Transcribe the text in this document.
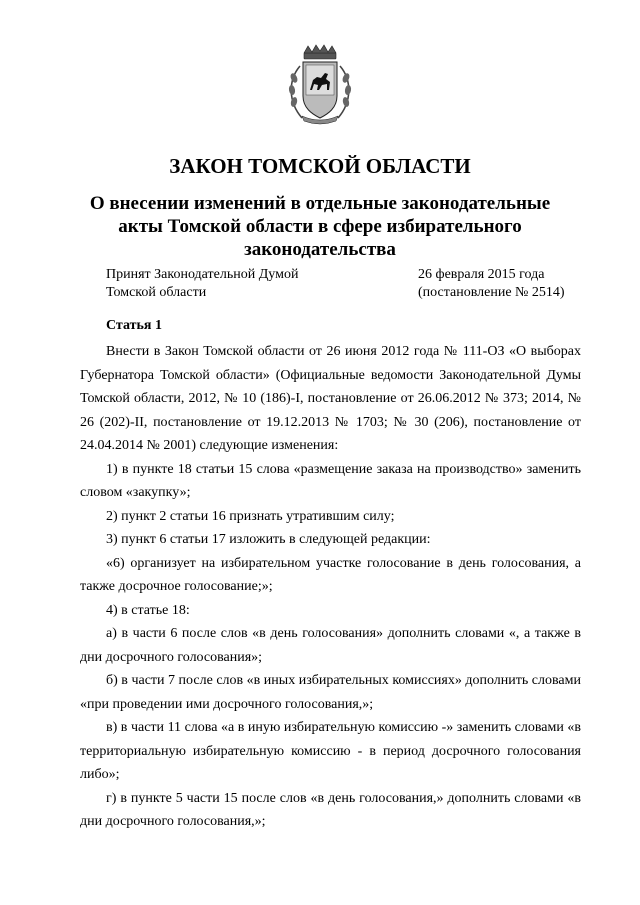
ЗАКОН ТОМСКОЙ ОБЛАСТИ
О внесении изменений в отдельные законодательные акты Томской области в сфере избирательного законодательства
Принят Законодательной Думой
Томской области
26 февраля 2015 года
(постановление № 2514)
Статья 1

Внести в Закон Томской области от 26 июня 2012 года № 111-ОЗ «О выборах Губернатора Томской области» (Официальные ведомости Законодательной Думы Томской области, 2012, № 10 (186)-I, постановление от 26.06.2012 № 373; 2014, № 26 (202)-II, постановление от 19.12.2013 № 1703; № 30 (206), постановление от 24.04.2014 № 2001) следующие изменения:

1) в пункте 18 статьи 15 слова «размещение заказа на производство» заменить словом «закупку»;

2) пункт 2 статьи 16 признать утратившим силу;

3) пункт 6 статьи 17 изложить в следующей редакции:

«6) организует на избирательном участке голосование в день голосования, а также досрочное голосование;»;

4) в статье 18:

а) в части 6 после слов «в день голосования» дополнить словами «, а также в дни досрочного голосования»;

б) в части 7 после слов «в иных избирательных комиссиях» дополнить словами «при проведении ими досрочного голосования,»;

в) в части 11 слова «а в иную избирательную комиссию -» заменить словами «в территориальную избирательную комиссию - в период досрочного голосования либо»;

г) в пункте 5 части 15 после слов «в день голосования,» дополнить словами «в дни досрочного голосования,»;
